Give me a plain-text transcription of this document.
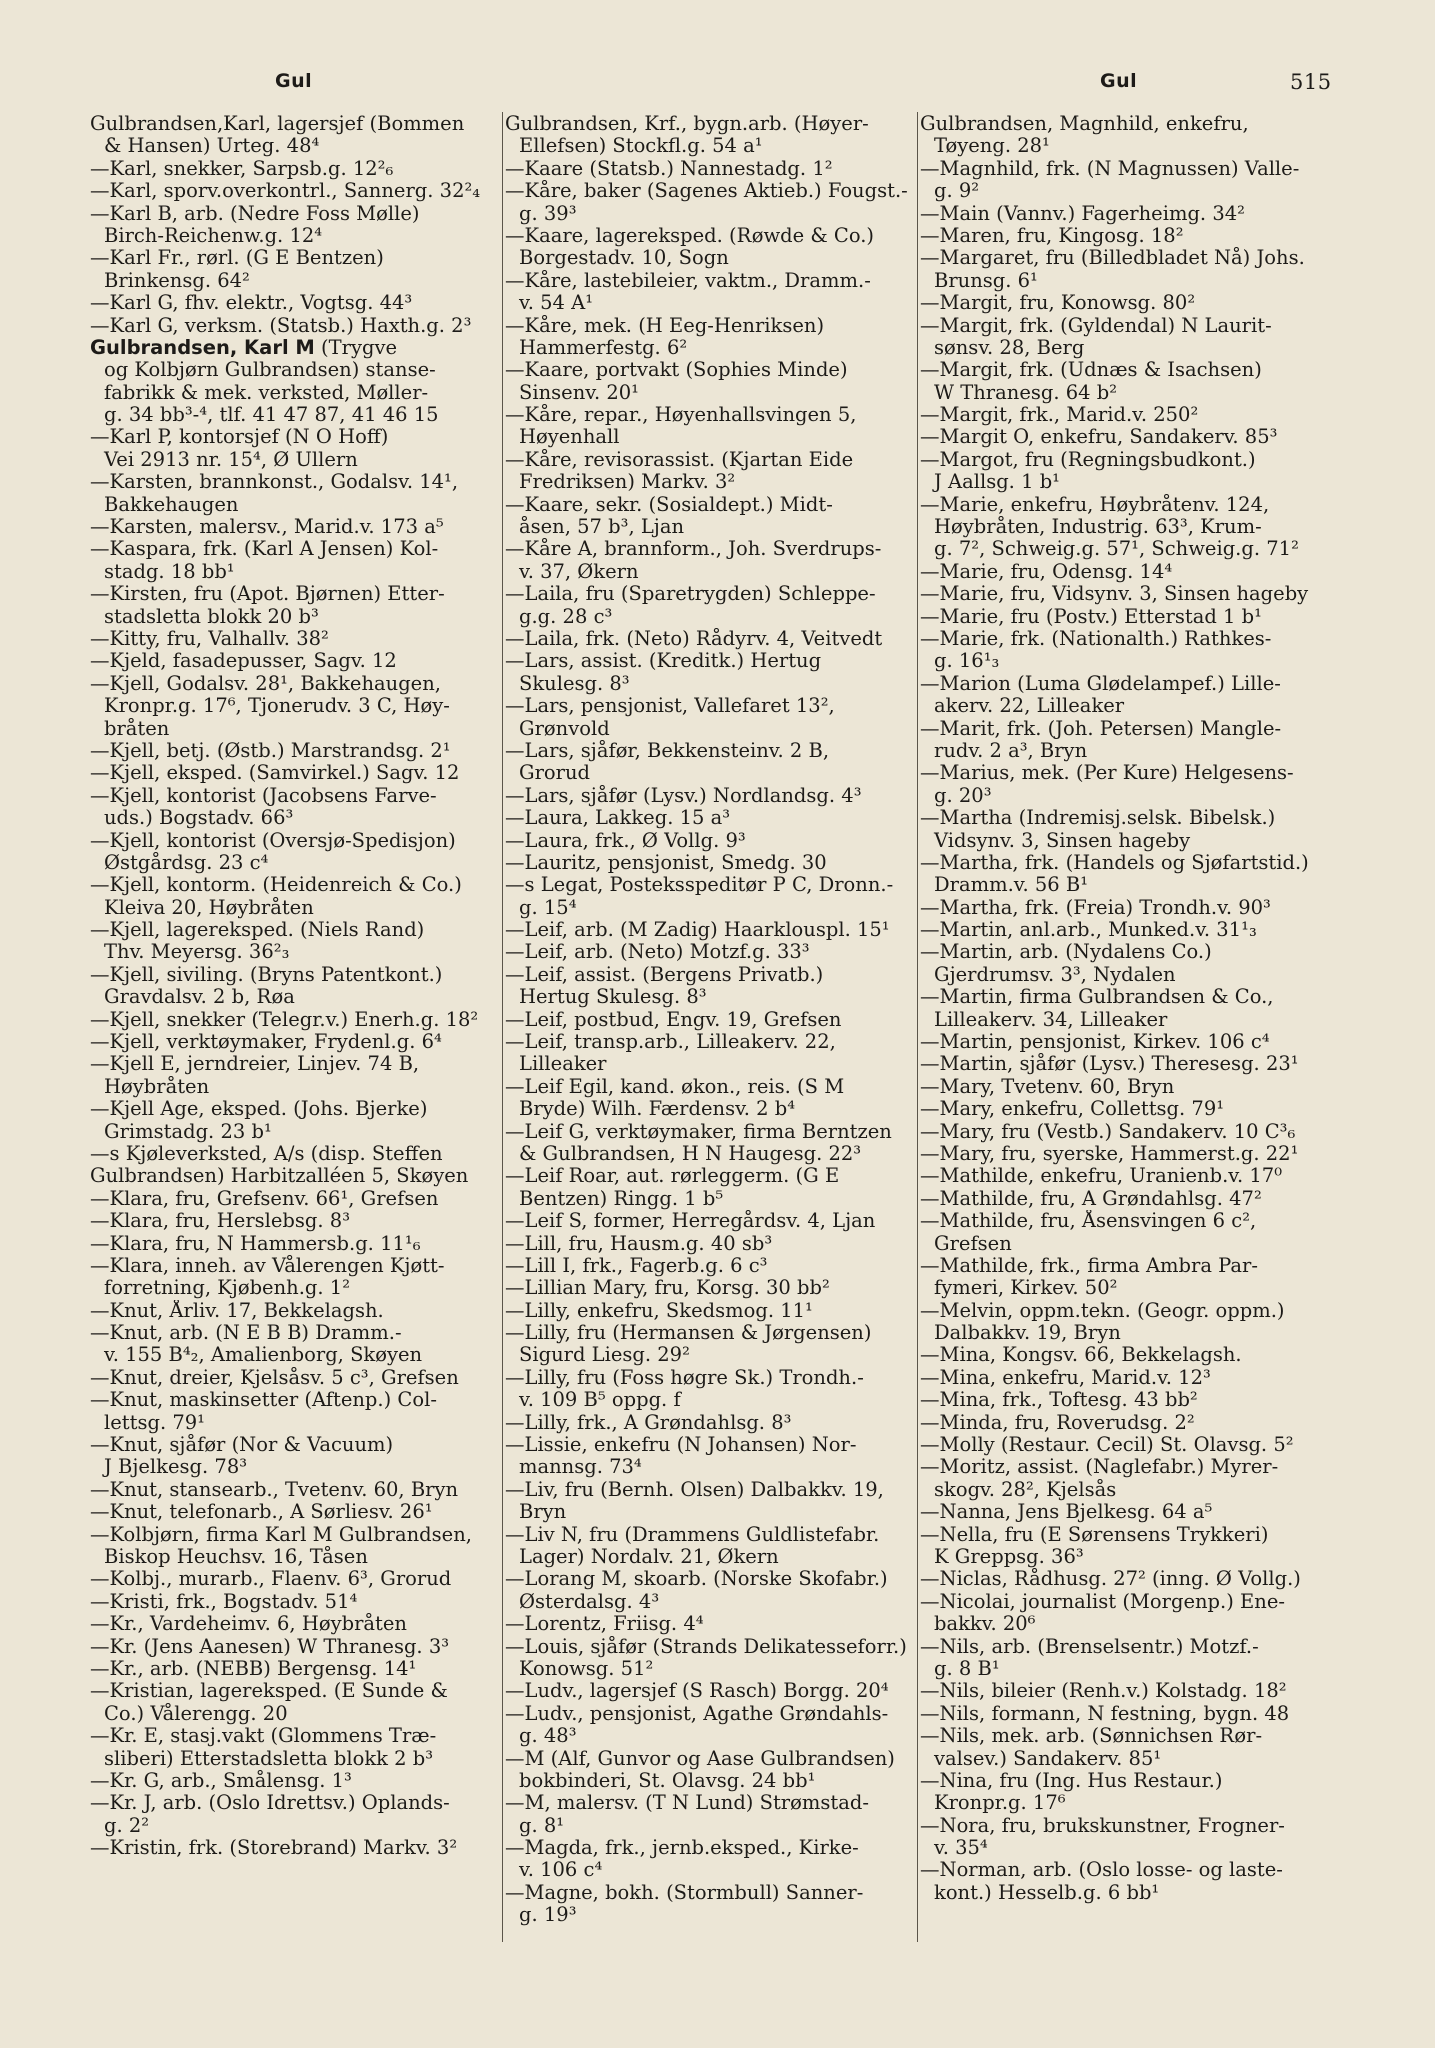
Gul	Gul	515
Gulbrandsen,Karl, lagersjef (Bommen
& Hansen) Urteg. 48⁴
—Karl, snekker, Sarpsb.g. 12²₆
—Karl, sporv.overkontrl., Sannerg. 32²₄
—Karl B, arb. (Nedre Foss Mølle)
Birch-Reichenw.g. 12⁴
—Karl Fr., rørl. (G E Bentzen)
Brinkensg. 64²
—Karl G, fhv. elektr., Vogtsg. 44³
—Karl G, verksm. (Statsb.) Haxth.g. 2³
Gulbrandsen, Karl M (Trygve
og Kolbjørn Gulbrandsen) stanse-
fabrikk & mek. verksted, Møller-
g. 34 bb³-⁴, tlf. 41 47 87, 41 46 15
—Karl P, kontorsjef (N O Hoff)
Vei 2913 nr. 15⁴, Ø Ullern
—Karsten, brannkonst., Godalsv. 14¹,
Bakkehaugen
—Karsten, malersv., Marid.v. 173 a⁵
—Kaspara, frk. (Karl A Jensen) Kol-
stadg. 18 bb¹
—Kirsten, fru (Apot. Bjørnen) Etter-
stadsletta blokk 20 b³
—Kitty, fru, Valhallv. 38²
—Kjeld, fasadepusser, Sagv. 12
—Kjell, Godalsv. 28¹, Bakkehaugen,
Kronpr.g. 17⁶, Tjonerudv. 3 C, Høy-
bråten
—Kjell, betj. (Østb.) Marstrandsg. 2¹
—Kjell, eksped. (Samvirkel.) Sagv. 12
—Kjell, kontorist (Jacobsens Farve-
uds.) Bogstadv. 66³
—Kjell, kontorist (Oversjø-Spedisjon)
Østgårdsg. 23 c⁴
—Kjell, kontorm. (Heidenreich & Co.)
Kleiva 20, Høybråten
—Kjell, lagereksped. (Niels Rand)
Thv. Meyersg. 36²₃
—Kjell, siviling. (Bryns Patentkont.)
Gravdalsv. 2 b, Røa
—Kjell, snekker (Telegr.v.) Enerh.g. 18²
—Kjell, verktøymaker, Frydenl.g. 6⁴
—Kjell E, jerndreier, Linjev. 74 B,
Høybråten
—Kjell Age, eksped. (Johs. Bjerke)
Grimstadg. 23 b¹
—s Kjøleverksted, A/s (disp. Steffen
Gulbrandsen) Harbitzalléen 5, Skøyen
—Klara, fru, Grefsenv. 66¹, Grefsen
—Klara, fru, Herslebsg. 8³
—Klara, fru, N Hammersb.g. 11¹₆
—Klara, inneh. av Vålerengen Kjøtt-
forretning, Kjøbenh.g. 1²
—Knut, Årliv. 17, Bekkelagsh.
—Knut, arb. (N E B B) Dramm.-
v. 155 B⁴₂, Amalienborg, Skøyen
—Knut, dreier, Kjelsåsv. 5 c³, Grefsen
—Knut, maskinsetter (Aftenp.) Col-
lettsg. 79¹
—Knut, sjåfør (Nor & Vacuum)
J Bjelkesg. 78³
—Knut, stansearb., Tvetenv. 60, Bryn
—Knut, telefonarb., A Sørliesv. 26¹
—Kolbjørn, firma Karl M Gulbrandsen,
Biskop Heuchsv. 16, Tåsen
—Kolbj., murarb., Flaenv. 6³, Grorud
—Kristi, frk., Bogstadv. 51⁴
—Kr., Vardeheimv. 6, Høybråten
—Kr. (Jens Aanesen) W Thranesg. 3³
—Kr., arb. (NEBB) Bergensg. 14¹
—Kristian, lagereksped. (E Sunde &
Co.) Vålerengg. 20
—Kr. E, stasj.vakt (Glommens Træ-
sliberi) Etterstadsletta blokk 2 b³
—Kr. G, arb., Smålensg. 1³
—Kr. J, arb. (Oslo Idrettsv.) Oplands-
g. 2²
—Kristin, frk. (Storebrand) Markv. 3²
Gulbrandsen, Krf., bygn.arb. (Høyer-
Ellefsen) Stockfl.g. 54 a¹
—Kaare (Statsb.) Nannestadg. 1²
—Kåre, baker (Sagenes Aktieb.) Fougst.-
g. 39³
—Kaare, lagereksped. (Røwde & Co.)
Borgestadv. 10, Sogn
—Kåre, lastebileier, vaktm., Dramm.-
v. 54 A¹
—Kåre, mek. (H Eeg-Henriksen)
Hammerfestg. 6²
—Kaare, portvakt (Sophies Minde)
Sinsenv. 20¹
—Kåre, repar., Høyenhallsvingen 5,
Høyenhall
—Kåre, revisorassist. (Kjartan Eide
Fredriksen) Markv. 3²
—Kaare, sekr. (Sosialdept.) Midt-
åsen, 57 b³, Ljan
—Kåre A, brannform., Joh. Sverdrups-
v. 37, Økern
—Laila, fru (Sparetrygden) Schleppe-
g.g. 28 c³
—Laila, frk. (Neto) Rådyrv. 4, Veitvedt
—Lars, assist. (Kreditk.) Hertug
Skulesg. 8³
—Lars, pensjonist, Vallefaret 13²,
Grønvold
—Lars, sjåfør, Bekkensteinv. 2 B,
Grorud
—Lars, sjåfør (Lysv.) Nordlandsg. 4³
—Laura, Lakkeg. 15 a³
—Laura, frk., Ø Vollg. 9³
—Lauritz, pensjonist, Smedg. 30
—s Legat, Posteksspeditør P C, Dronn.-
g. 15⁴
—Leif, arb. (M Zadig) Haarklouspl. 15¹
—Leif, arb. (Neto) Motzf.g. 33³
—Leif, assist. (Bergens Privatb.)
Hertug Skulesg. 8³
—Leif, postbud, Engv. 19, Grefsen
—Leif, transp.arb., Lilleakerv. 22,
Lilleaker
—Leif Egil, kand. økon., reis. (S M
Bryde) Wilh. Færdensv. 2 b⁴
—Leif G, verktøymaker, firma Berntzen
& Gulbrandsen, H N Haugesg. 22³
—Leif Roar, aut. rørleggerm. (G E
Bentzen) Ringg. 1 b⁵
—Leif S, former, Herregårdsv. 4, Ljan
—Lill, fru, Hausm.g. 40 sb³
—Lill I, frk., Fagerb.g. 6 c³
—Lillian Mary, fru, Korsg. 30 bb²
—Lilly, enkefru, Skedsmog. 11¹
—Lilly, fru (Hermansen & Jørgensen)
Sigurd Liesg. 29²
—Lilly, fru (Foss høgre Sk.) Trondh.-
v. 109 B⁵ oppg. f
—Lilly, frk., A Grøndahlsg. 8³
—Lissie, enkefru (N Johansen) Nor-
mannsg. 73⁴
—Liv, fru (Bernh. Olsen) Dalbakkv. 19,
Bryn
—Liv N, fru (Drammens Guldlistefabr.
Lager) Nordalv. 21, Økern
—Lorang M, skoarb. (Norske Skofabr.)
Østerdalsg. 4³
—Lorentz, Friisg. 4⁴
—Louis, sjåfør (Strands Delikatesseforr.)
Konowsg. 51²
—Ludv., lagersjef (S Rasch) Borgg. 20⁴
—Ludv., pensjonist, Agathe Grøndahls-
g. 48³
—M (Alf, Gunvor og Aase Gulbrandsen)
bokbinderi, St. Olavsg. 24 bb¹
—M, malersv. (T N Lund) Strømstad-
g. 8¹
—Magda, frk., jernb.eksped., Kirke-
v. 106 c⁴
—Magne, bokh. (Stormbull) Sanner-
g. 19³
Gulbrandsen, Magnhild, enkefru,
Tøyeng. 28¹
—Magnhild, frk. (N Magnussen) Valle-
g. 9²
—Main (Vannv.) Fagerheimg. 34²
—Maren, fru, Kingosg. 18²
—Margaret, fru (Billedbladet Nå) Johs.
Brunsg. 6¹
—Margit, fru, Konowsg. 80²
—Margit, frk. (Gyldendal) N Laurit-
sønsv. 28, Berg
—Margit, frk. (Udnæs & Isachsen)
W Thranesg. 64 b²
—Margit, frk., Marid.v. 250²
—Margit O, enkefru, Sandakerv. 85³
—Margot, fru (Regningsbudkont.)
J Aallsg. 1 b¹
—Marie, enkefru, Høybråtenv. 124,
Høybråten, Industrig. 63³, Krum-
g. 7², Schweig.g. 57¹, Schweig.g. 71²
—Marie, fru, Odensg. 14⁴
—Marie, fru, Vidsynv. 3, Sinsen hageby
—Marie, fru (Postv.) Etterstad 1 b¹
—Marie, frk. (Nationalth.) Rathkes-
g. 16¹₃
—Marion (Luma Glødelampef.) Lille-
akerv. 22, Lilleaker
—Marit, frk. (Joh. Petersen) Mangle-
rudv. 2 a³, Bryn
—Marius, mek. (Per Kure) Helgesens-
g. 20³
—Martha (Indremisj.selsk. Bibelsk.)
Vidsynv. 3, Sinsen hageby
—Martha, frk. (Handels og Sjøfartstid.)
Dramm.v. 56 B¹
—Martha, frk. (Freia) Trondh.v. 90³
—Martin, anl.arb., Munked.v. 31¹₃
—Martin, arb. (Nydalens Co.)
Gjerdrumsv. 3³, Nydalen
—Martin, firma Gulbrandsen & Co.,
Lilleakerv. 34, Lilleaker
—Martin, pensjonist, Kirkev. 106 c⁴
—Martin, sjåfør (Lysv.) Theresesg. 23¹
—Mary, Tvetenv. 60, Bryn
—Mary, enkefru, Collettsg. 79¹
—Mary, fru (Vestb.) Sandakerv. 10 C³₆
—Mary, fru, syerske, Hammerst.g. 22¹
—Mathilde, enkefru, Uranienb.v. 17⁰
—Mathilde, fru, A Grøndahlsg. 47²
—Mathilde, fru, Åsensvingen 6 c²,
Grefsen
—Mathilde, frk., firma Ambra Par-
fymeri, Kirkev. 50²
—Melvin, oppm.tekn. (Geogr. oppm.)
Dalbakkv. 19, Bryn
—Mina, Kongsv. 66, Bekkelagsh.
—Mina, enkefru, Marid.v. 12³
—Mina, frk., Toftesg. 43 bb²
—Minda, fru, Roverudsg. 2²
—Molly (Restaur. Cecil) St. Olavsg. 5²
—Moritz, assist. (Naglefabr.) Myrer-
skogv. 28², Kjelsås
—Nanna, Jens Bjelkesg. 64 a⁵
—Nella, fru (E Sørensens Trykkeri)
K Greppsg. 36³
—Niclas, Rådhusg. 27² (inng. Ø Vollg.)
—Nicolai, journalist (Morgenp.) Ene-
bakkv. 20⁶
—Nils, arb. (Brenselsentr.) Motzf.-
g. 8 B¹
—Nils, bileier (Renh.v.) Kolstadg. 18²
—Nils, formann, N festning, bygn. 48
—Nils, mek. arb. (Sønnichsen Rør-
valsev.) Sandakerv. 85¹
—Nina, fru (Ing. Hus Restaur.)
Kronpr.g. 17⁶
—Nora, fru, brukskunstner, Frogner-
v. 35⁴
—Norman, arb. (Oslo losse- og laste-
kont.) Hesselb.g. 6 bb¹
